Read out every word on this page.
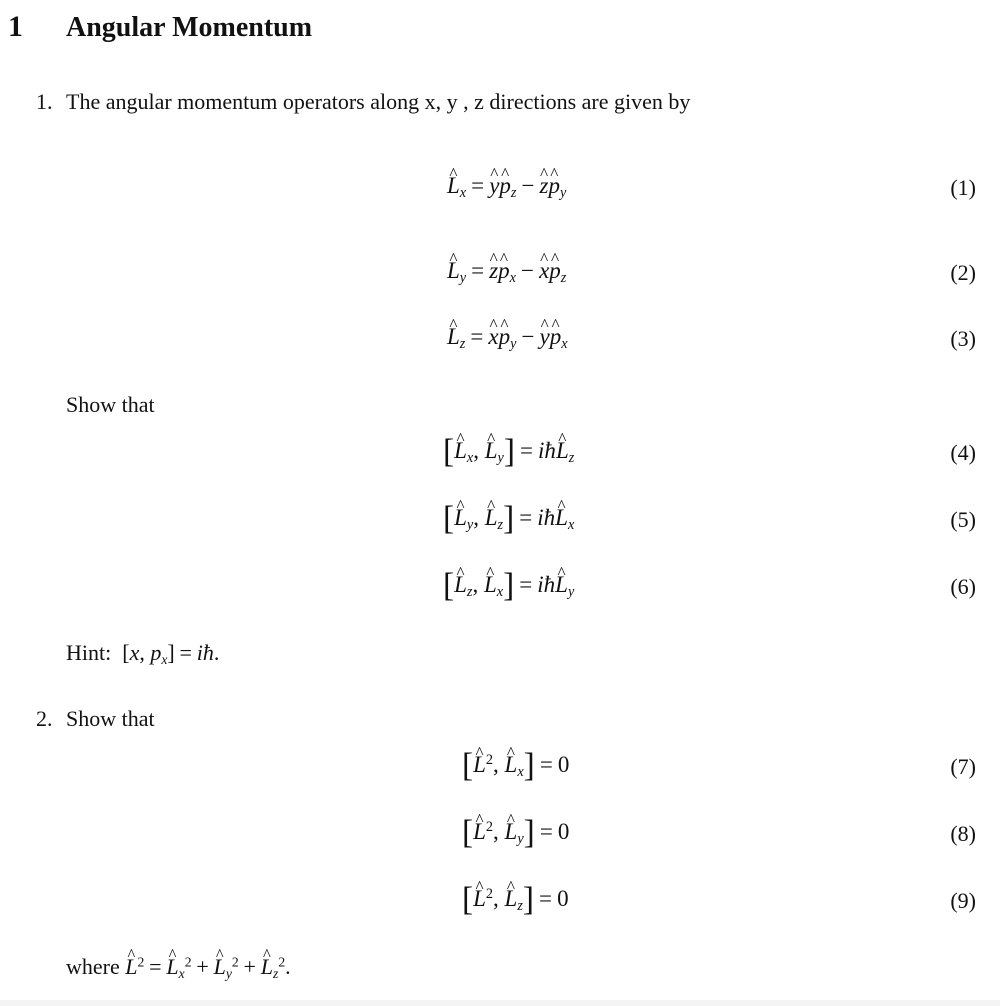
1 Angular Momentum
1. The angular momentum operators along x, y , z directions are given by
^ $L_x$ = ^ y^ $p_z$ − ^ z^ $p_y$	(1)
^ $L_y$ = ^ z^ $p_x$ − ^ x^ $p_z$	(2)
^ $L_z$ = ^ x^ $p_y$ − ^ y^ $p_x$	(3)
Show that
[^ $L_x$, ^ $L_y$] = iħ^ $L_z$	(4)
[^ $L_y$, ^ $L_z$] = iħ^ $L_x$	(5)
[^ $L_z$, ^ $L_x$] = iħ^ $L_y$	(6)
Hint:  [x, $p_x$] = iħ.
2. Show that
[^ $L^2$, ^ $L_x] = 0$	(7)
[^ $L^2$, ^ $L_y] = 0$	(8)
[^ $L^2$, ^ $L_z] = 0$	(9)
where ^ $L^2$ = ^ $L_x^2$ + ^ $L_y^2$ + ^ $L_z^2$.
